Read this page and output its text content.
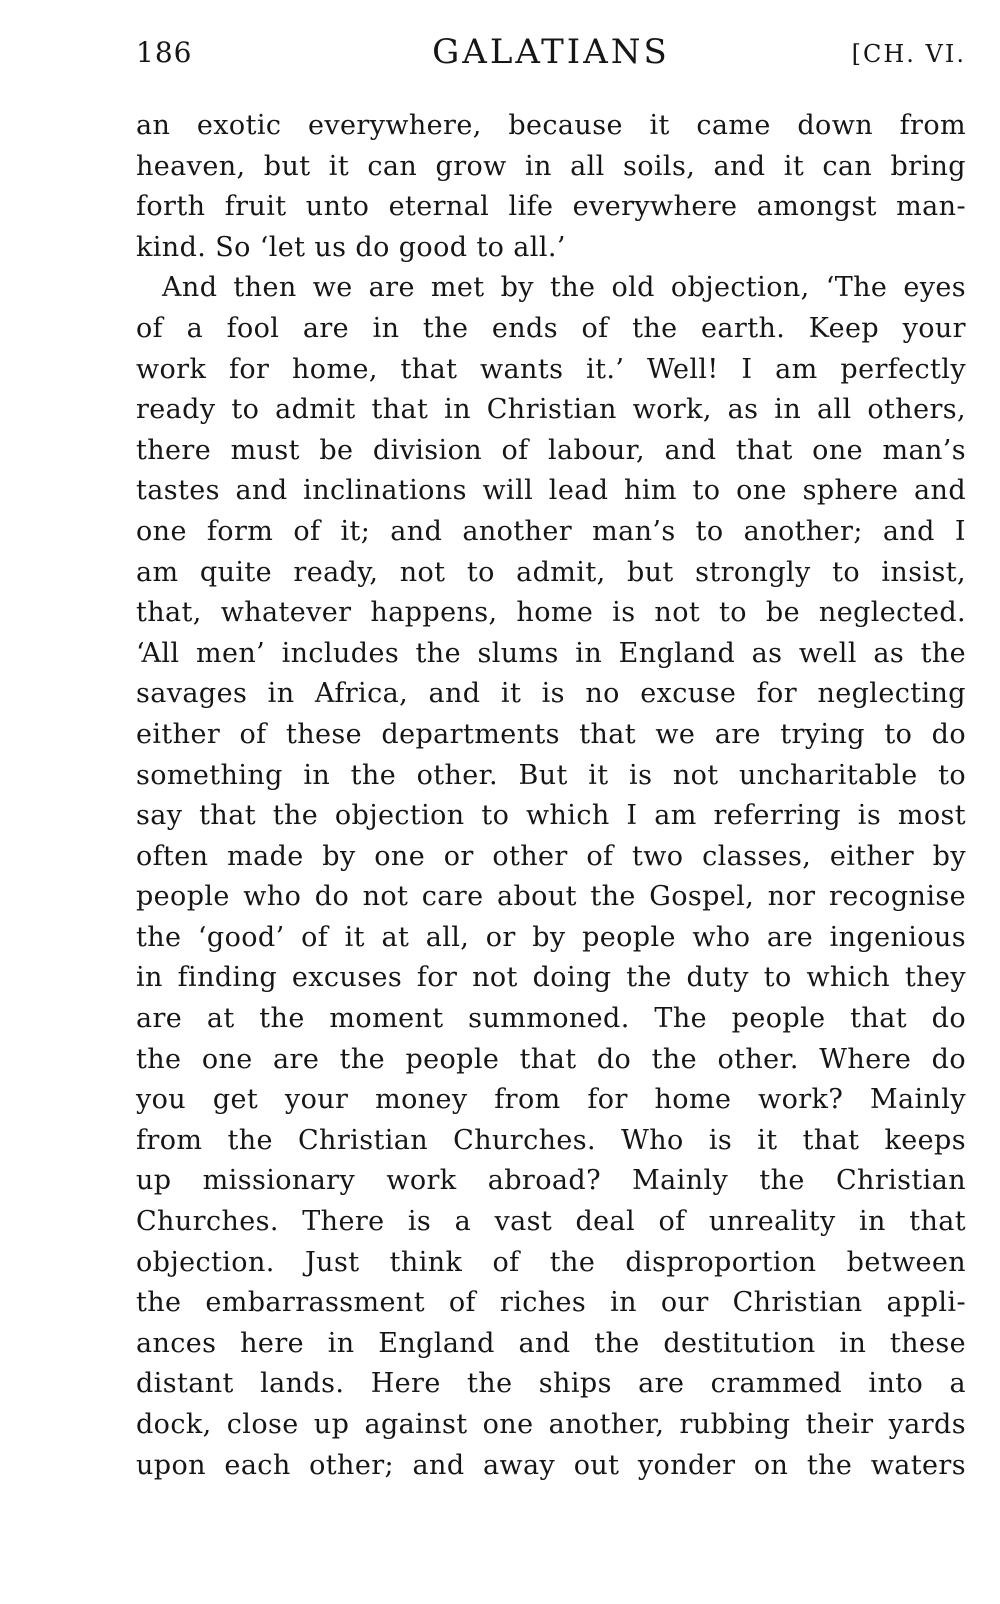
186	GALATIANS	[CH. VI.
an exotic everywhere, because it came down from
heaven, but it can grow in all soils, and it can bring
forth fruit unto eternal life everywhere amongst man-
kind. So ‘let us do good to all.’
And then we are met by the old objection, ‘The eyes
of a fool are in the ends of the earth. Keep your
work for home, that wants it.’ Well! I am perfectly
ready to admit that in Christian work, as in all others,
there must be division of labour, and that one man’s
tastes and inclinations will lead him to one sphere and
one form of it; and another man’s to another; and I
am quite ready, not to admit, but strongly to insist,
that, whatever happens, home is not to be neglected.
‘All men’ includes the slums in England as well as the
savages in Africa, and it is no excuse for neglecting
either of these departments that we are trying to do
something in the other. But it is not uncharitable to
say that the objection to which I am referring is most
often made by one or other of two classes, either by
people who do not care about the Gospel, nor recognise
the ‘good’ of it at all, or by people who are ingenious
in finding excuses for not doing the duty to which they
are at the moment summoned. The people that do
the one are the people that do the other. Where do
you get your money from for home work? Mainly
from the Christian Churches. Who is it that keeps
up missionary work abroad? Mainly the Christian
Churches. There is a vast deal of unreality in that
objection. Just think of the disproportion between
the embarrassment of riches in our Christian appli-
ances here in England and the destitution in these
distant lands. Here the ships are crammed into a
dock, close up against one another, rubbing their yards
upon each other; and away out yonder on the waters
